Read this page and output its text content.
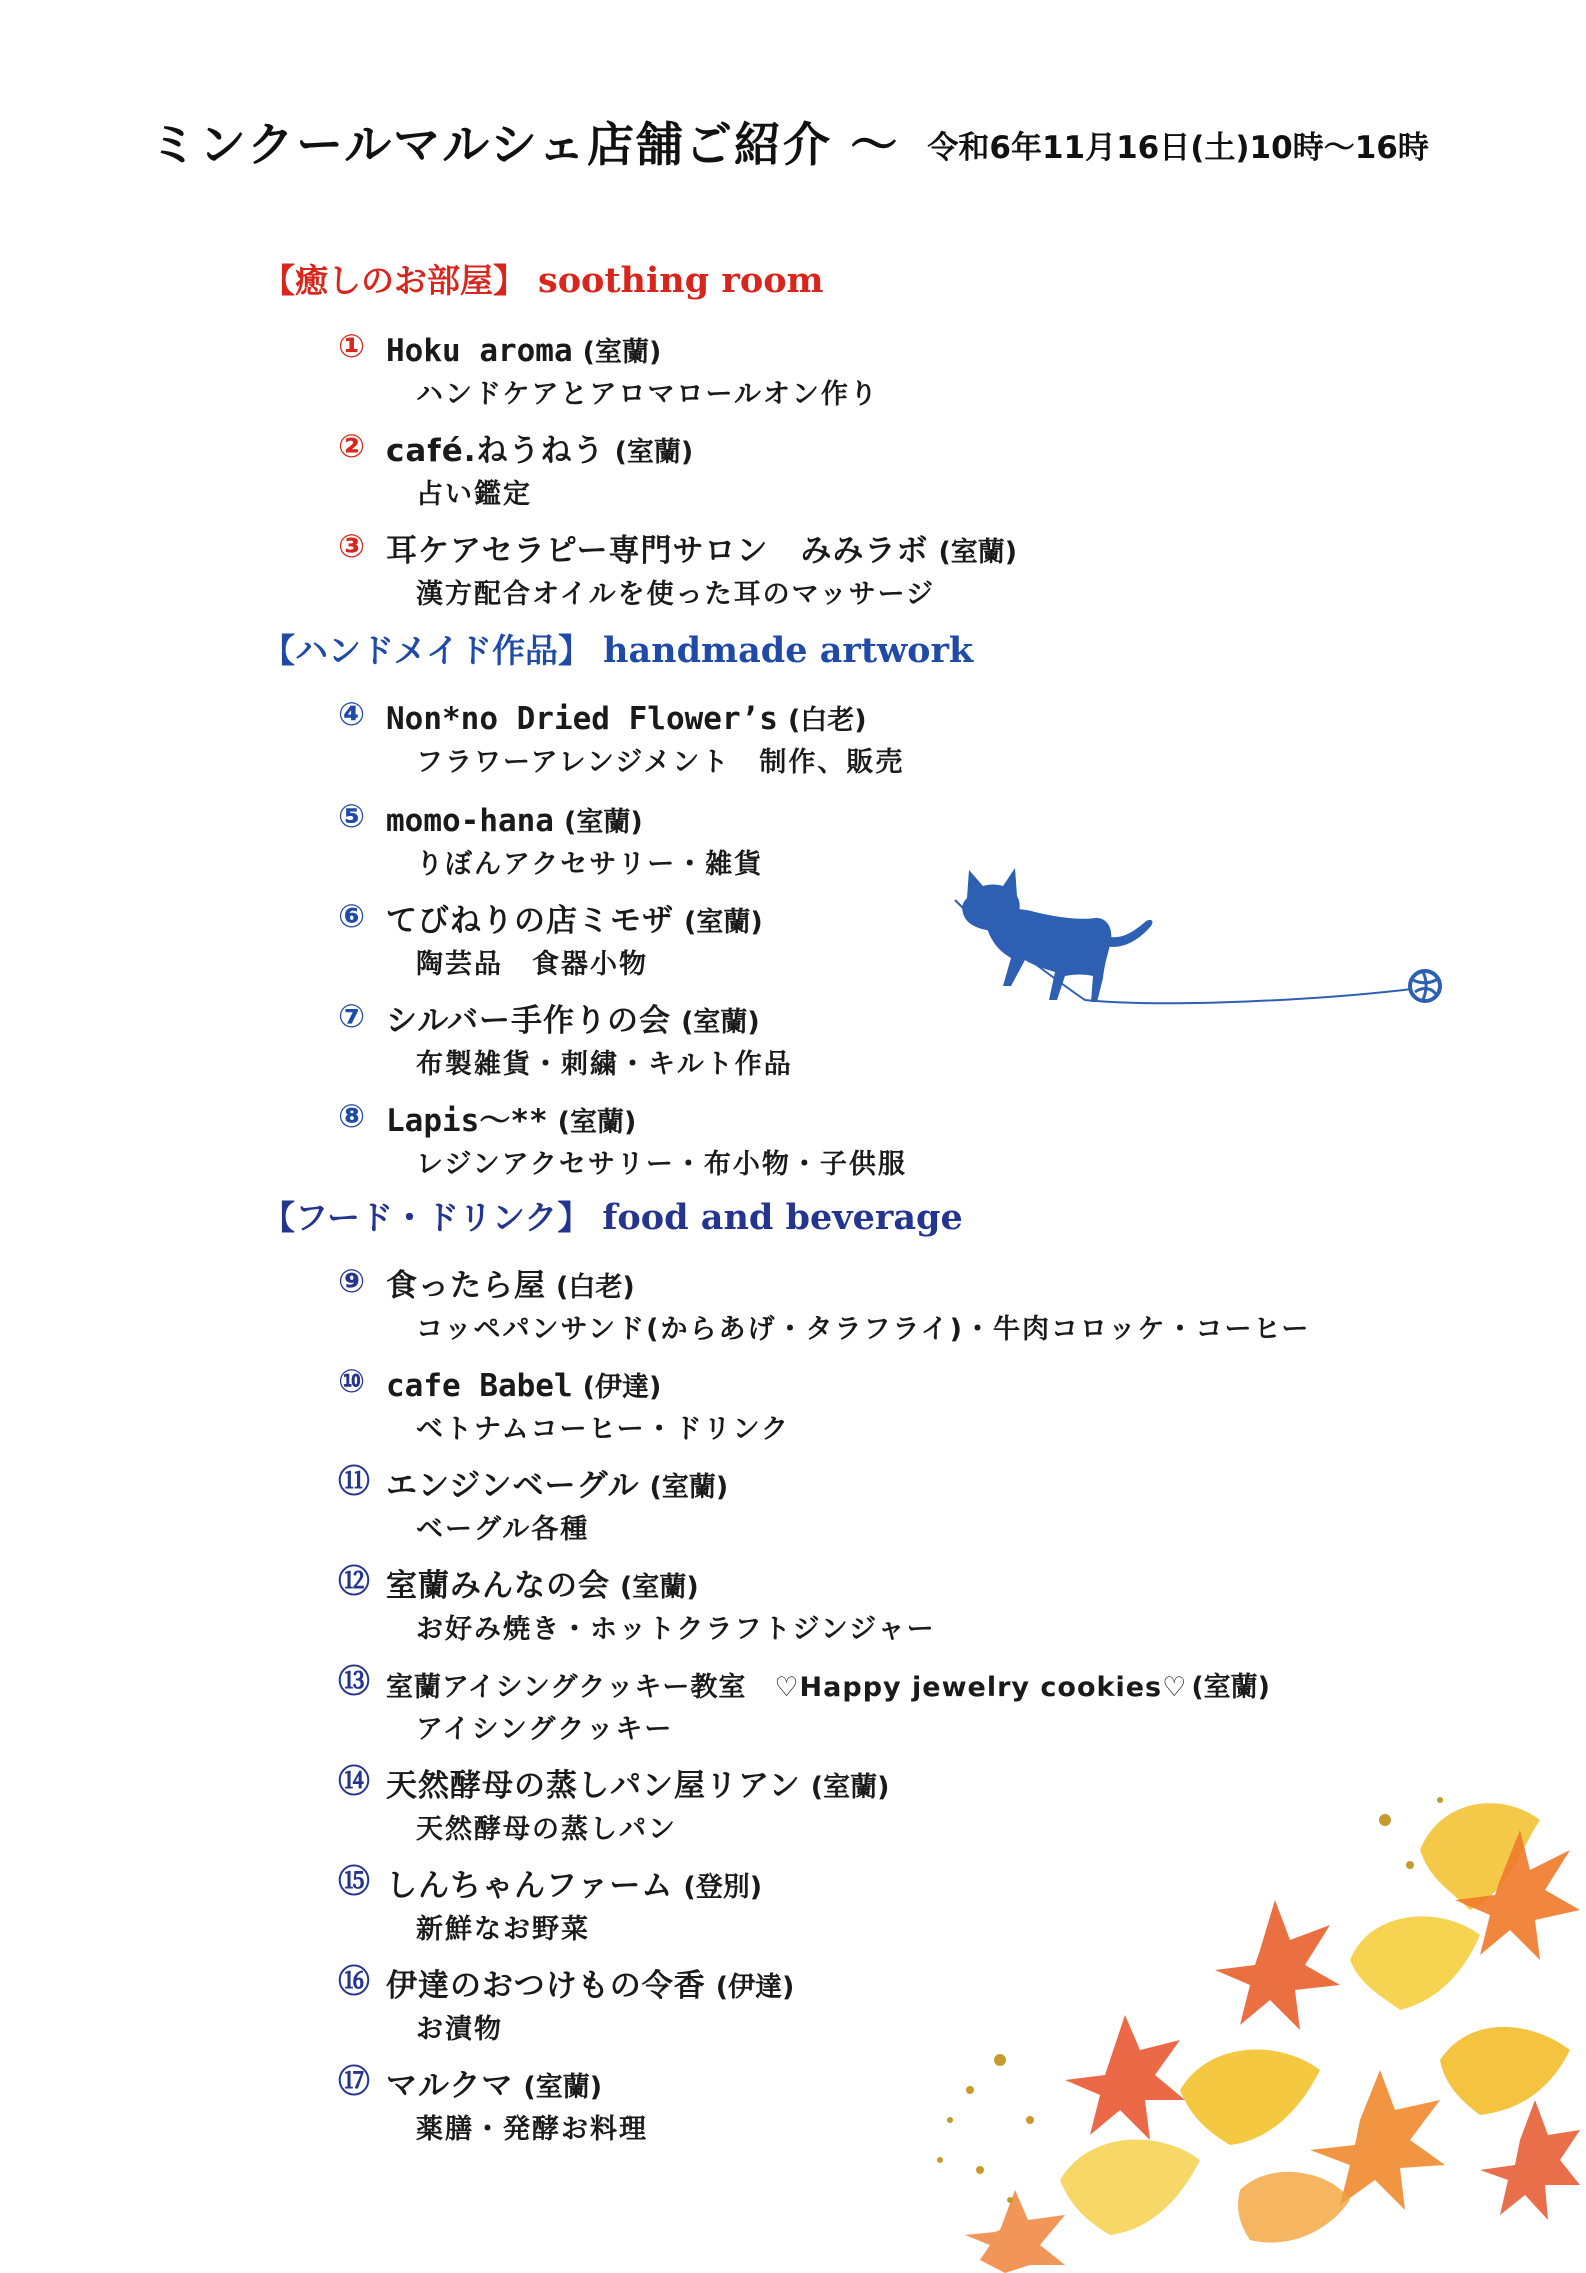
ミンクールマルシェ店舗ご紹介 〜 令和6年11月16日(土)10時〜16時
【癒しのお部屋】 soothing room
① Hoku aroma (室蘭)
ハンドケアとアロマロールオン作り
② café.ねうねう (室蘭)
占い鑑定
③ 耳ケアセラピー専門サロン　みみラボ (室蘭)
漢方配合オイルを使った耳のマッサージ
【ハンドメイド作品】 handmade artwork
④ Non*no Dried Flower’s (白老)
フラワーアレンジメント　制作、販売
⑤ momo-hana (室蘭)
りぼんアクセサリー・雑貨
⑥ てびねりの店ミモザ (室蘭)
陶芸品　食器小物
⑦ シルバー手作りの会 (室蘭)
布製雑貨・刺繍・キルト作品
⑧ Lapis〜** (室蘭)
レジンアクセサリー・布小物・子供服
【フード・ドリンク】 food and beverage
⑨ 食ったら屋 (白老)
コッペパンサンド(からあげ・タラフライ)・牛肉コロッケ・コーヒー
⑩ cafe Babel (伊達)
ベトナムコーヒー・ドリンク
⑪ エンジンベーグル (室蘭)
ベーグル各種
⑫ 室蘭みんなの会 (室蘭)
お好み焼き・ホットクラフトジンジャー
⑬ 室蘭アイシングクッキー教室　♡Happy jewelry cookies♡ (室蘭)
アイシングクッキー
⑭ 天然酵母の蒸しパン屋リアン (室蘭)
天然酵母の蒸しパン
⑮ しんちゃんファーム (登別)
新鮮なお野菜
⑯ 伊達のおつけもの令香 (伊達)
お漬物
⑰ マルクマ (室蘭)
薬膳・発酵お料理
